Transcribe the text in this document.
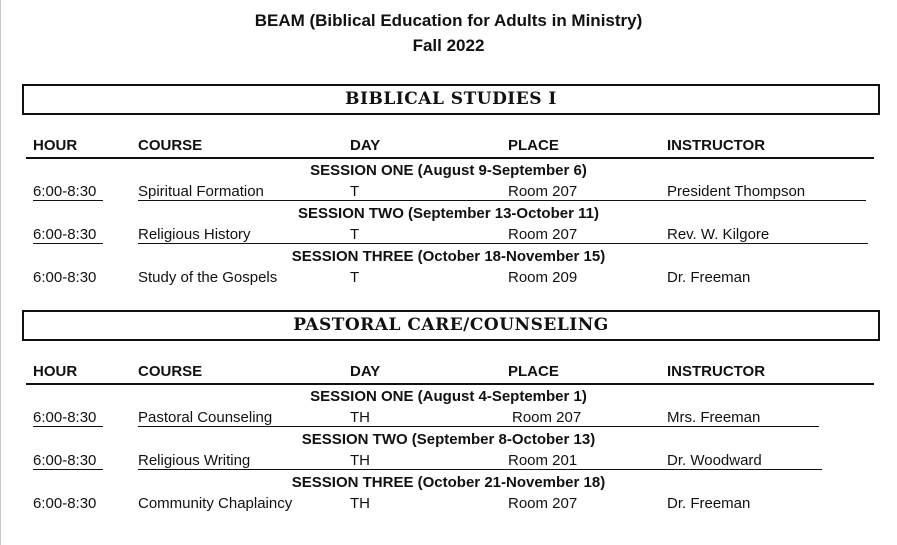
BEAM (Biblical Education for Adults in Ministry)
Fall 2022
BIBLICAL STUDIES I
HOUR	COURSE	DAY	PLACE	INSTRUCTOR
SESSION ONE (August 9-September 6)
6:00-8:30	Spiritual Formation	T	Room 207	President Thompson
SESSION TWO (September 13-October 11)
6:00-8:30	Religious History	T	Room 207	Rev. W. Kilgore
SESSION THREE (October 18-November 15)
6:00-8:30	Study of the Gospels	T	Room 209	Dr. Freeman
PASTORAL CARE/COUNSELING
HOUR	COURSE	DAY	PLACE	INSTRUCTOR
SESSION ONE (August 4-September 1)
6:00-8:30	Pastoral Counseling	TH	Room 207	Mrs. Freeman
SESSION TWO (September 8-October 13)
6:00-8:30	Religious Writing	TH	Room 201	Dr. Woodward
SESSION THREE (October 21-November 18)
6:00-8:30	Community Chaplaincy	TH	Room 207	Dr. Freeman
